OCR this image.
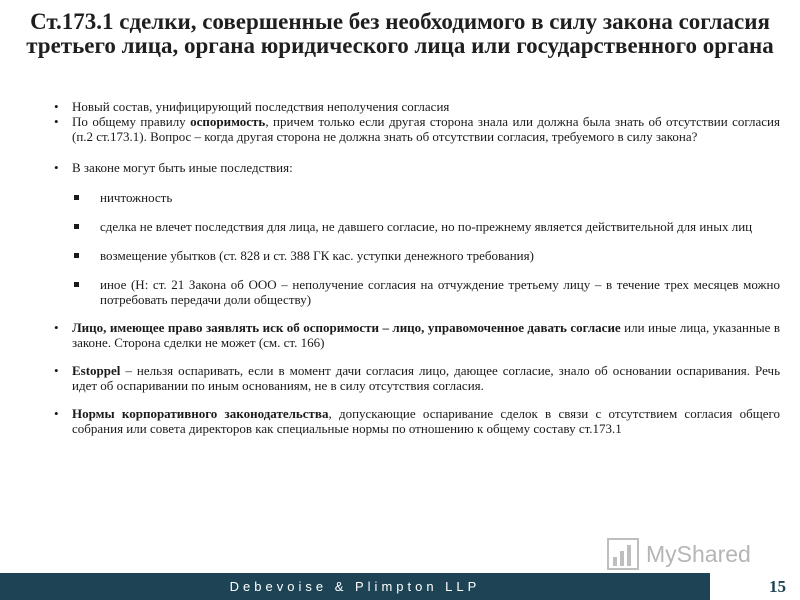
Ст.173.1 сделки, совершенные без необходимого в силу закона согласия третьего лица, органа юридического лица или государственного органа
• Новый состав, унифицирующий последствия неполучения согласия
• По общему правилу оспоримость, причем только если другая сторона знала или должна была знать об отсутствии согласия (п.2 ст.173.1). Вопрос – когда другая сторона не должна знать об отсутствии согласия, требуемого в силу закона?
• В законе могут быть иные последствия:
ничтожность
сделка не влечет последствия для лица, не давшего согласие, но по-прежнему является действительной для иных лиц
возмещение убытков (ст. 828 и ст. 388 ГК кас. уступки денежного требования)
иное (Н: ст. 21 Закона об ООО – неполучение согласия на отчуждение третьему лицу – в течение трех месяцев можно потребовать передачи доли обществу)
• Лицо, имеющее право заявлять иск об оспоримости – лицо, управомоченное давать согласие или иные лица, указанные в законе. Сторона сделки не может (см. ст. 166)
• Estoppel – нельзя оспаривать, если в момент дачи согласия лицо, дающее согласие, знало об основании оспаривания. Речь идет об оспаривании по иным основаниям, не в силу отсутствия согласия.
• Нормы корпоративного законодательства, допускающие оспаривание сделок в связи с отсутствием согласия общего собрания или совета директоров как специальные нормы по отношению к общему составу ст.173.1
MyShared
Debevoise & Plimpton LLP	15
